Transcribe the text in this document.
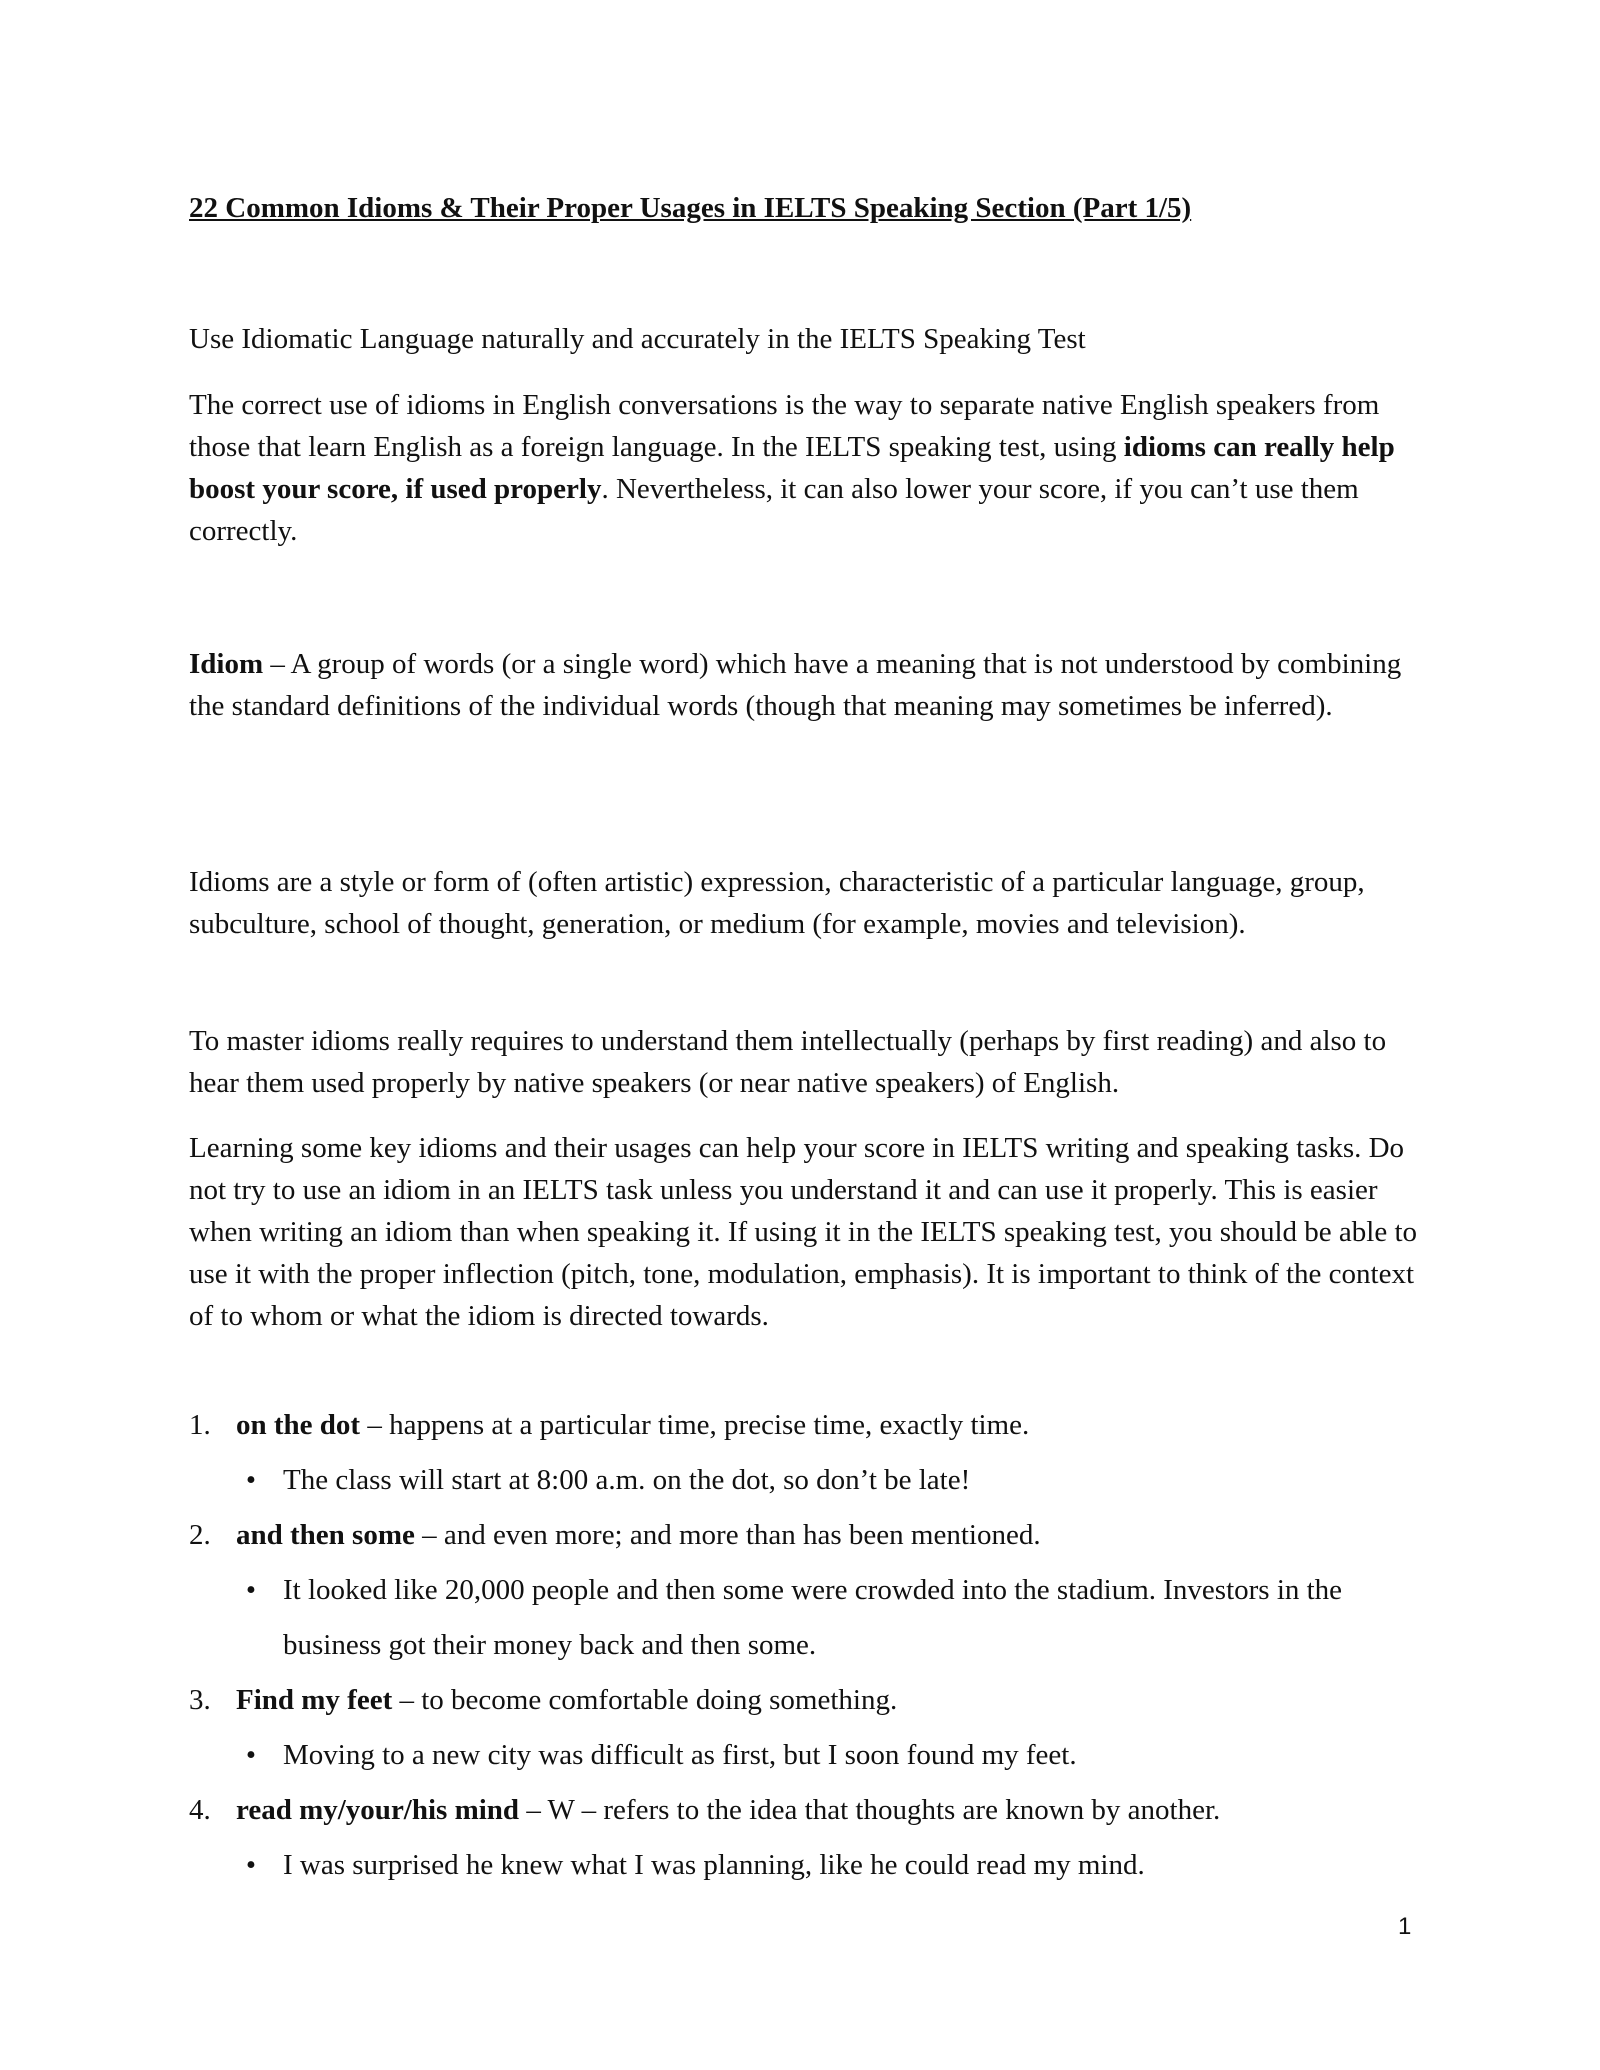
22 Common Idioms & Their Proper Usages in IELTS Speaking Section (Part 1/5)

Use Idiomatic Language naturally and accurately in the IELTS Speaking Test

The correct use of idioms in English conversations is the way to separate native English speakers from those that learn English as a foreign language. In the IELTS speaking test, using idioms can really help boost your score, if used properly. Nevertheless, it can also lower your score, if you can’t use them correctly.

Idiom – A group of words (or a single word) which have a meaning that is not understood by combining the standard definitions of the individual words (though that meaning may sometimes be inferred).

Idioms are a style or form of (often artistic) expression, characteristic of a particular language, group, subculture, school of thought, generation, or medium (for example, movies and television).

To master idioms really requires to understand them intellectually (perhaps by first reading) and also to hear them used properly by native speakers (or near native speakers) of English.

Learning some key idioms and their usages can help your score in IELTS writing and speaking tasks. Do not try to use an idiom in an IELTS task unless you understand it and can use it properly. This is easier when writing an idiom than when speaking it. If using it in the IELTS speaking test, you should be able to use it with the proper inflection (pitch, tone, modulation, emphasis). It is important to think of the context of to whom or what the idiom is directed towards.

1. on the dot – happens at a particular time, precise time, exactly time.
• The class will start at 8:00 a.m. on the dot, so don’t be late!
2. and then some – and even more; and more than has been mentioned.
• It looked like 20,000 people and then some were crowded into the stadium. Investors in the business got their money back and then some.
3. Find my feet – to become comfortable doing something.
• Moving to a new city was difficult as first, but I soon found my feet.
4. read my/your/his mind – W – refers to the idea that thoughts are known by another.
• I was surprised he knew what I was planning, like he could read my mind.
1
